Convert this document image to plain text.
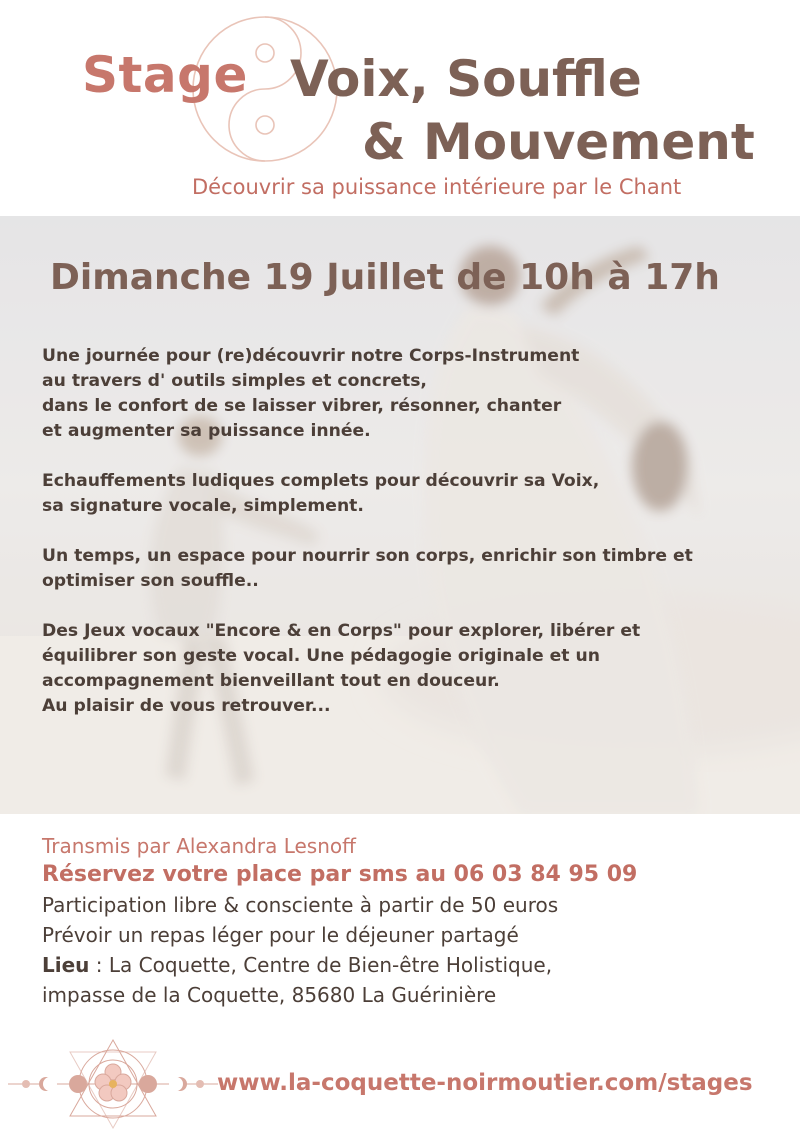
Stage Voix, Souffle
& Mouvement
Découvrir sa puissance intérieure par le Chant
Dimanche 19 Juillet de 10h à 17h

Une journée pour (re)découvrir notre Corps-Instrument
au travers d' outils simples et concrets,
dans le confort de se laisser vibrer, résonner, chanter
et augmenter sa puissance innée.

Echauffements ludiques complets pour découvrir sa Voix,
sa signature vocale, simplement.

Un temps, un espace pour nourrir son corps, enrichir son timbre et
optimiser son souffle..

Des Jeux vocaux "Encore & en Corps" pour explorer, libérer et
équilibrer son geste vocal. Une pédagogie originale et un
accompagnement bienveillant tout en douceur.
Au plaisir de vous retrouver...

Transmis par Alexandra Lesnoff
Réservez votre place par sms au 06 03 84 95 09
Participation libre & consciente à partir de 50 euros
Prévoir un repas léger pour le déjeuner partagé
Lieu : La Coquette, Centre de Bien-être Holistique,
impasse de la Coquette, 85680 La Guérinière
www.la-coquette-noirmoutier.com/stages
